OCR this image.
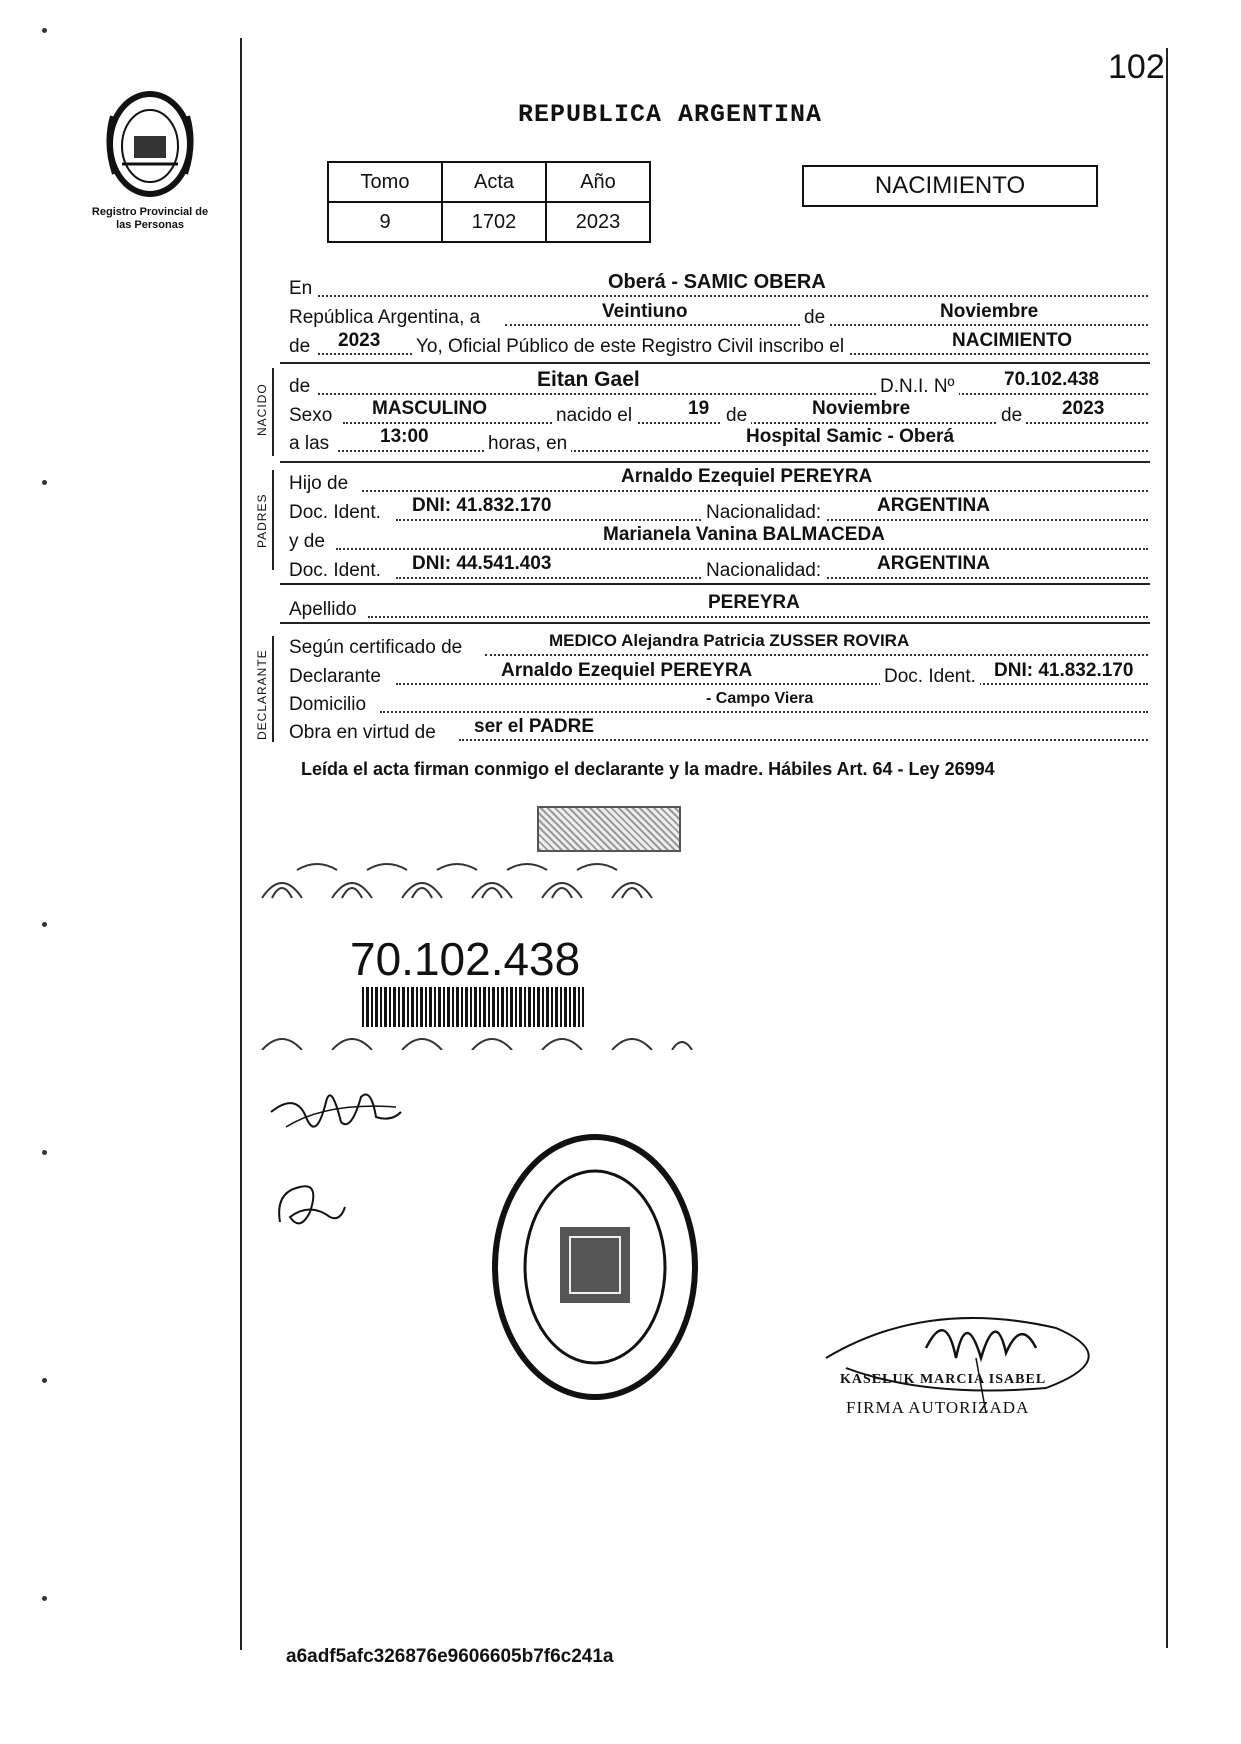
102
Registro Provincial de las Personas
REPUBLICA ARGENTINA
Tomo	Acta	Año
9	1702	2023
NACIMIENTO
En	Oberá - SAMIC OBERA
República Argentina, a	Veintiuno	de	Noviembre
de 2023 Yo, Oficial Público de este Registro Civil inscribo el	NACIMIENTO
NACIDO de	Eitan Gael	D.N.I. Nº	70.102.438
Sexo MASCULINO	nacido el	19 de	Noviembre	de 2023
a las	13:00	horas, en	Hospital Samic - Oberá
PADRES
Hijo de	Arnaldo Ezequiel PEREYRA
Doc. Ident. DNI: 41.832.170	Nacionalidad:	ARGENTINA
y de	Marianela Vanina BALMACEDA
Doc. Ident. DNI: 44.541.403	Nacionalidad:	ARGENTINA
Apellido	PEREYRA
DECLARANTE
Según certificado de	MEDICO Alejandra Patricia ZUSSER ROVIRA
Declarante	Arnaldo Ezequiel PEREYRA	Doc. Ident. DNI: 41.832.170
Domicilio	- Campo Viera
Obra en virtud de ser el PADRE
Leída el acta firman conmigo el declarante y la madre. Hábiles Art. 64 - Ley 26994
70.102.438
KASELUK MARCIA ISABEL
FIRMA AUTORIZADA
a6adf5afc326876e9606605b7f6c241a
